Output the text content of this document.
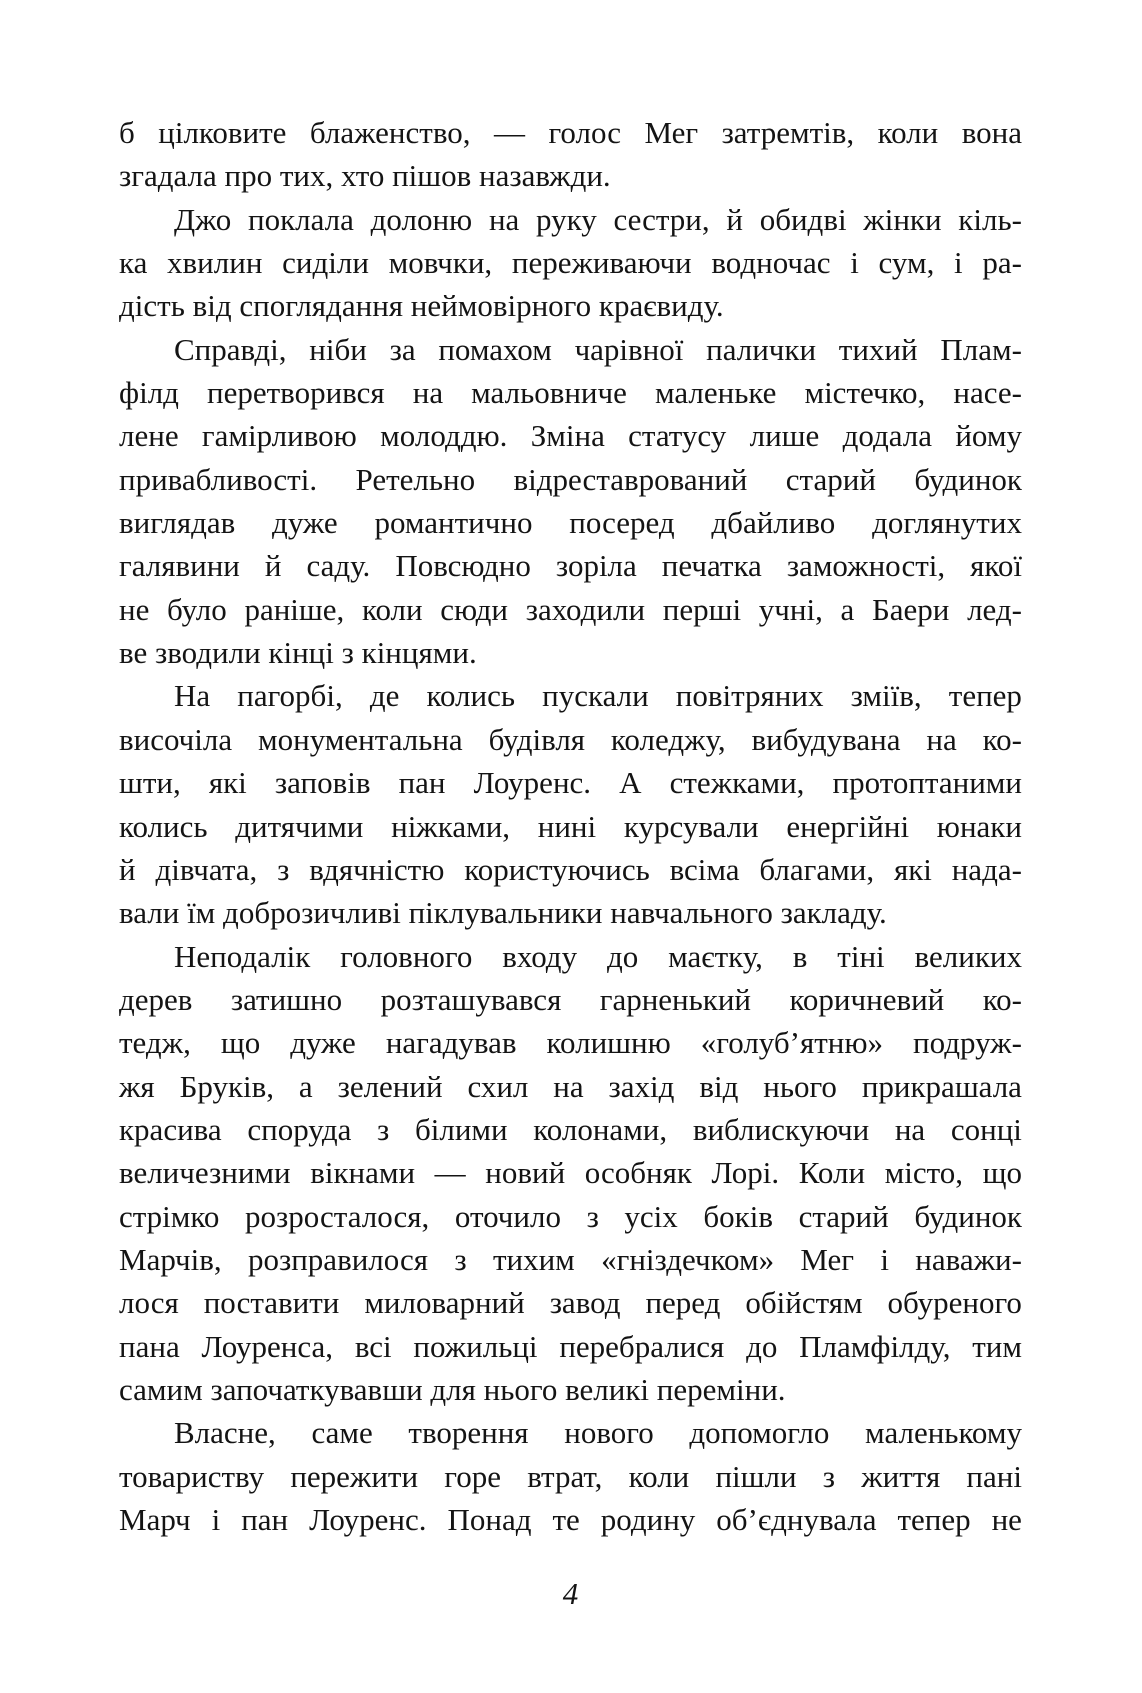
б цілковите блаженство, — голос Мег затремтів, коли вона
згадала про тих, хто пішов назавжди.
Джо поклала долоню на руку сестри, й обидві жінки кіль-
ка хвилин сиділи мовчки, переживаючи водночас і сум, і ра-
дість від споглядання неймовірного краєвиду.
Справді, ніби за помахом чарівної палички тихий Плам-
філд перетворився на мальовниче маленьке містечко, насе-
лене гамірливою молоддю. Зміна статусу лише додала йому
привабливості. Ретельно відреставрований старий будинок
виглядав дуже романтично посеред дбайливо доглянутих
галявини й саду. Повсюдно зоріла печатка заможності, якої
не було раніше, коли сюди заходили перші учні, а Баери лед-
ве зводили кінці з кінцями.
На пагорбі, де колись пускали повітряних зміїв, тепер
височіла монументальна будівля коледжу, вибудувана на ко-
шти, які заповів пан Лоуренс. А стежками, протоптаними
колись дитячими ніжками, нині курсували енергійні юнаки
й дівчата, з вдячністю користуючись всіма благами, які нада-
вали їм доброзичливі піклувальники навчального закладу.
Неподалік головного входу до маєтку, в тіні великих
дерев затишно розташувався гарненький коричневий ко-
тедж, що дуже нагадував колишню «голуб’ятню» подруж-
жя Бруків, а зелений схил на захід від нього прикрашала
красива споруда з білими колонами, виблискуючи на сонці
величезними вікнами — новий особняк Лорі. Коли місто, що
стрімко розросталося, оточило з усіх боків старий будинок
Марчів, розправилося з тихим «гніздечком» Мег і наважи-
лося поставити миловарний завод перед обійстям обуреного
пана Лоуренса, всі пожильці перебралися до Пламфілду, тим
самим започаткувавши для нього великі переміни.
Власне, саме творення нового допомогло маленькому
товариству пережити горе втрат, коли пішли з життя пані
Марч і пан Лоуренс. Понад те родину об’єднувала тепер не
4
